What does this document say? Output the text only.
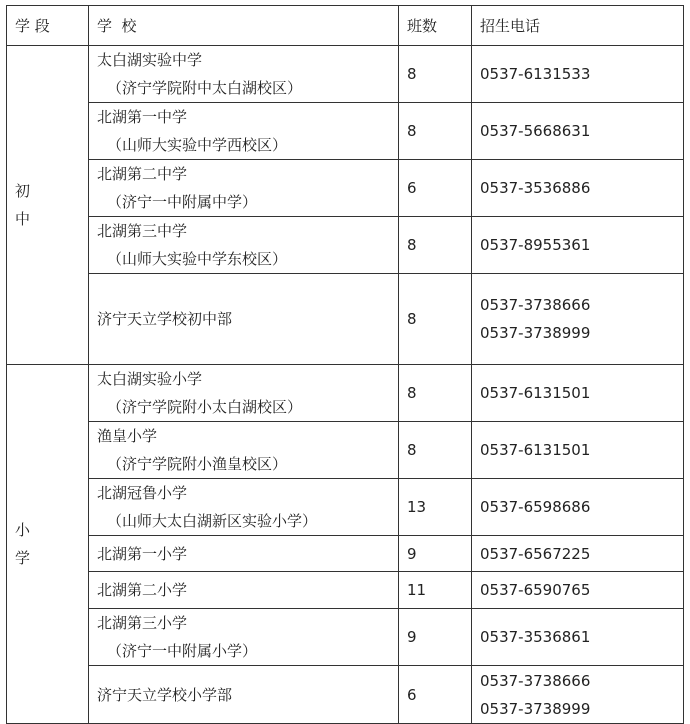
学 段	学  校	班数	招生电话

初
中	太白湖实验中学
（济宁学院附中太白湖校区）	8	0537-6131533

	北湖第一中学
（山师大实验中学西校区）	8	0537-5668631

	北湖第二中学
（济宁一中附属中学）	6	0537-3536886

	北湖第三中学
（山师大实验中学东校区）	8	0537-8955361

	济宁天立学校初中部	8	0537-3738666
0537-3738999

小
学	太白湖实验小学
（济宁学院附小太白湖校区）	8	0537-6131501

	渔皇小学
（济宁学院附小渔皇校区）	8	0537-6131501

	北湖冠鲁小学
（山师大太白湖新区实验小学）	13	0537-6598686

	北湖第一小学	9	0537-6567225

	北湖第二小学	11	0537-6590765

	北湖第三小学
（济宁一中附属小学）	9	0537-3536861

	济宁天立学校小学部	6	0537-3738666
0537-3738999
